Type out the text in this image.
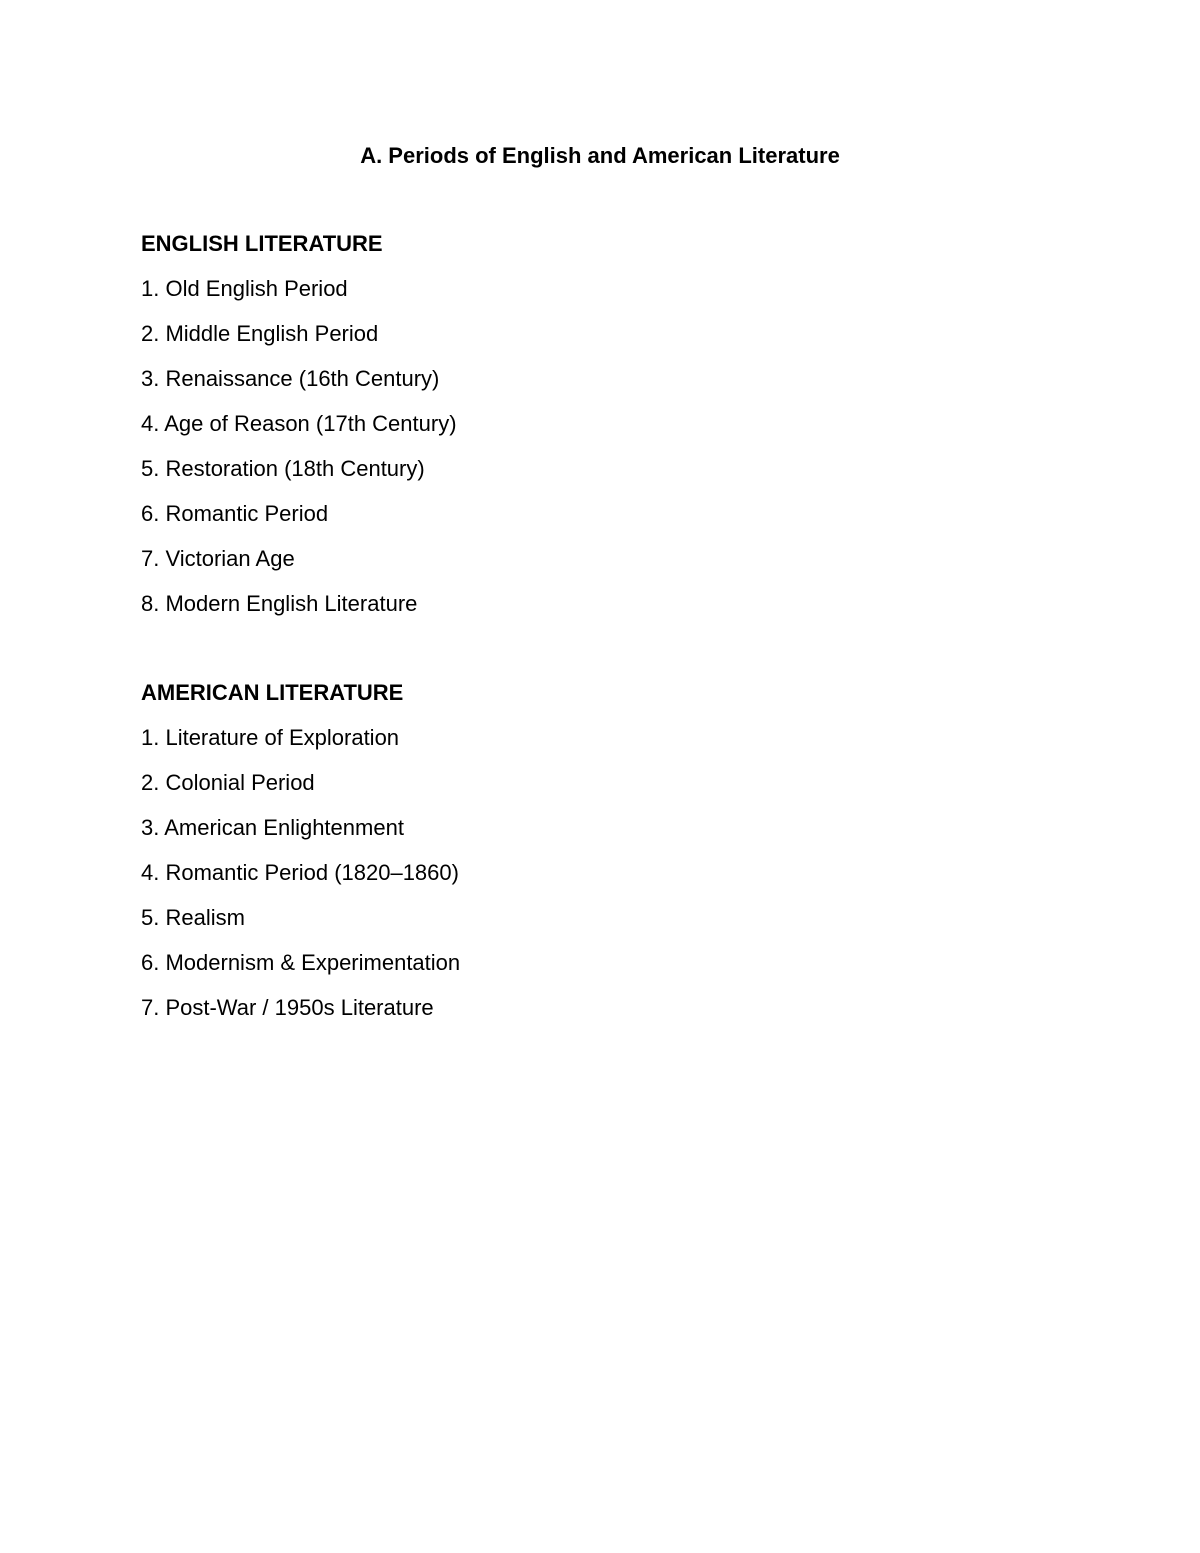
A. Periods of English and American Literature
ENGLISH LITERATURE
1. Old English Period
2. Middle English Period
3. Renaissance (16th Century)
4. Age of Reason (17th Century)
5. Restoration (18th Century)
6. Romantic Period
7. Victorian Age
8. Modern English Literature
AMERICAN LITERATURE
1. Literature of Exploration
2. Colonial Period
3. American Enlightenment
4. Romantic Period (1820–1860)
5. Realism
6. Modernism & Experimentation
7. Post-War / 1950s Literature
